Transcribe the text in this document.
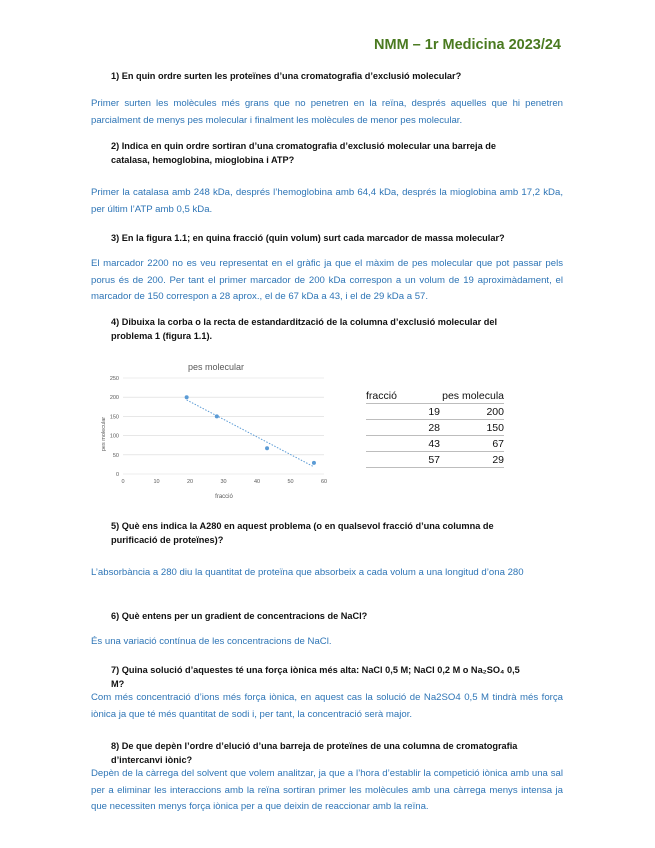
NMM – 1r Medicina 2023/24
1) En quin ordre surten les proteïnes d’una cromatografia d’exclusió molecular?
Primer surten les molècules més grans que no penetren en la reïna, després aquelles que hi penetren parcialment de menys pes molecular i finalment les molècules de menor pes molecular.
2) Indica en quin ordre sortiran d’una cromatografia d’exclusió molecular una barreja de catalasa, hemoglobina, mioglobina i ATP?
Primer la catalasa amb 248 kDa, després l’hemoglobina amb 64,4 kDa, després la mioglobina amb 17,2 kDa, per últim l’ATP amb 0,5 kDa.
3) En la figura 1.1; en quina fracció (quin volum) surt cada marcador de massa molecular?
El marcador 2200 no es veu representat en el gràfic ja que el màxim de pes molecular que pot passar pels porus és de 200. Per tant el primer marcador de 200 kDa correspon a un volum de 19 aproximàdament, el marcador de 150 correspon a 28 aprox., el de 67 kDa a 43, i el de 29 kDa a 57.
4) Dibuixa la corba o la recta de estandardització de la columna d’exclusió molecular del problema 1 (figura 1.1).
pes molecular
0
50
100
150
200
250
0	10	20	30	40	50	60
fracció
pes molecular
fracció	pes molecula
19	200
28	150
43	67
57	29
5) Què ens indica la A280 en aquest problema (o en qualsevol fracció d’una columna de purificació de proteïnes)?
L’absorbància a 280 diu la quantitat de proteïna que absorbeix a cada volum a una longitud d’ona 280
6) Què entens per un gradient de concentracions de NaCl?
És una variació contínua de les concentracions de NaCl.
7) Quina solució d’aquestes té una força iònica més alta: NaCl 0,5 M; NaCl 0,2 M o Na₂SO₄ 0,5 M?
Com més concentració d’ions més força iònica, en aquest cas la solució de Na2SO4 0,5 M tindrà més força iònica ja que té més quantitat de sodi i, per tant, la concentració serà major.
8) De que depèn l’ordre d’elució d’una barreja de proteïnes de una columna de cromatografia d’intercanvi iònic?
Depèn de la càrrega del solvent que volem analitzar, ja que a l’hora d’establir la competició iònica amb una sal per a eliminar les interaccions amb la reïna sortiran primer les molècules amb una càrrega menys intensa ja que necessiten menys força iònica per a que deixin de reaccionar amb la reïna.
